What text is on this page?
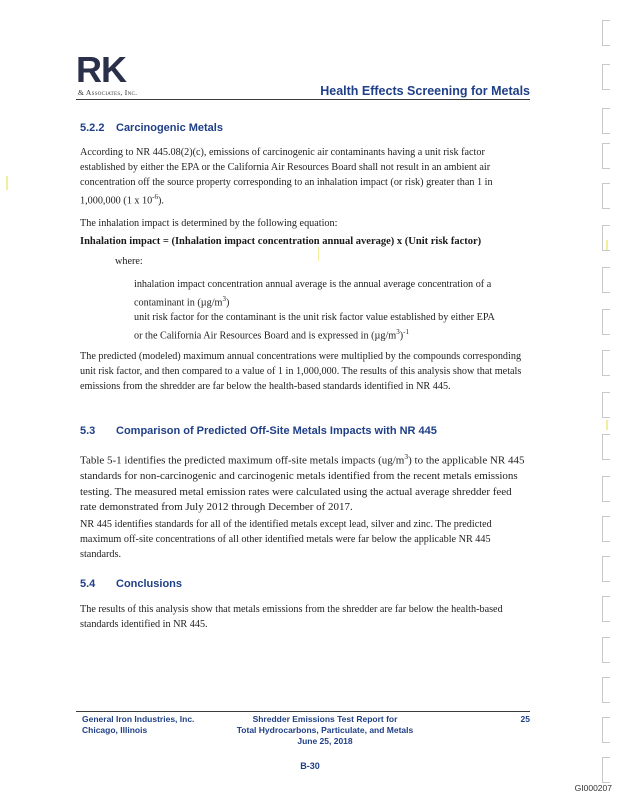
RK
& Associates, Inc.	Health Effects Screening for Metals
5.2.2 Carcinogenic Metals

According to NR 445.08(2)(c), emissions of carcinogenic air contaminants having a unit risk factor established by either the EPA or the California Air Resources Board shall not result in an ambient air concentration off the source property corresponding to an inhalation impact (or risk) greater than 1 in 1,000,000 (1 x $10^{-6}$).

The inhalation impact is determined by the following equation:

Inhalation impact = (Inhalation impact concentration annual average) x (Unit risk factor)

where:

inhalation impact concentration annual average is the annual average concentration of a contaminant in $(\mu g/m^3)$

unit risk factor for the contaminant is the unit risk factor value established by either EPA or the California Air Resources Board and is expressed in $(\mu g/m^3)^{-1}$

The predicted (modeled) maximum annual concentrations were multiplied by the compounds corresponding unit risk factor, and then compared to a value of 1 in 1,000,000. The results of this analysis show that metals emissions from the shredder are far below the health-based standards identified in NR 445.

5.3 Comparison of Predicted Off-Site Metals Impacts with NR 445

Table 5-1 identifies the predicted maximum off-site metals impacts $(ug/m^3)$ to the applicable NR 445 standards for non-carcinogenic and carcinogenic metals identified from the recent metals emissions testing. The measured metal emission rates were calculated using the actual average shredder feed rate demonstrated from July 2012 through December of 2017.

NR 445 identifies standards for all of the identified metals except lead, silver and zinc. The predicted maximum off-site concentrations of all other identified metals were far below the applicable NR 445 standards.

5.4 Conclusions

The results of this analysis show that metals emissions from the shredder are far below the health-based standards identified in NR 445.

General Iron Industries, Inc.
Chicago, Illinois
Shredder Emissions Test Report for
Total Hydrocarbons, Particulate, and Metals
June 25, 2018
25
B-30
GI000207
